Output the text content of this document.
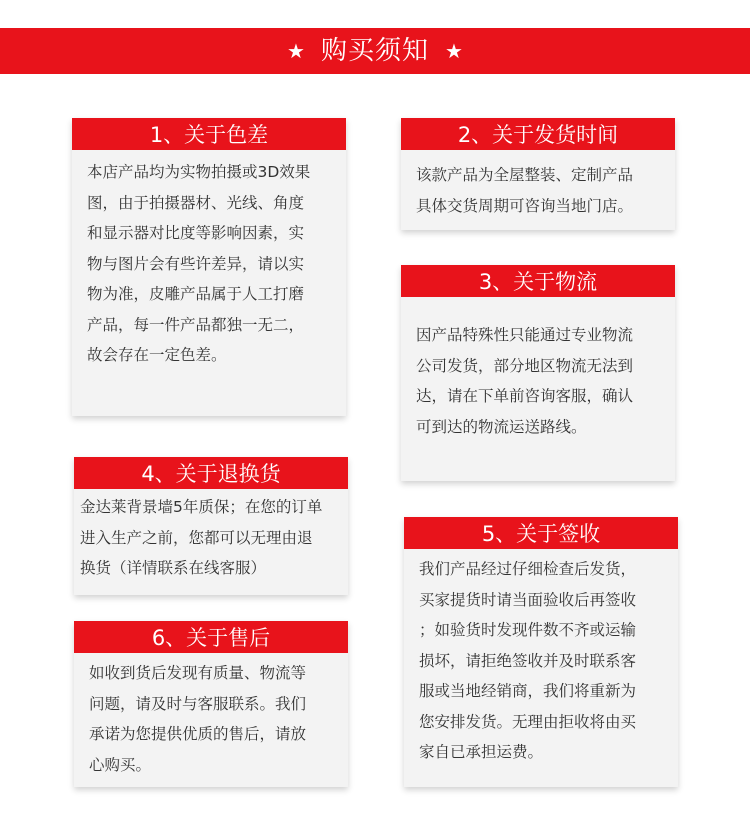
★ 购买须知 ★
1、关于色差
本店产品均为实物拍摄或3D效果
图，由于拍摄器材、光线、角度
和显示器对比度等影响因素，实
物与图片会有些许差异，请以实
物为准，皮雕产品属于人工打磨
产品，每一件产品都独一无二，
故会存在一定色差。
2、关于发货时间
该款产品为全屋整装、定制产品
具体交货周期可咨询当地门店。
3、关于物流
因产品特殊性只能通过专业物流
公司发货，部分地区物流无法到
达，请在下单前咨询客服，确认
可到达的物流运送路线。
4、关于退换货
金达莱背景墙5年质保；在您的订单
进入生产之前，您都可以无理由退
换货（详情联系在线客服）
5、关于签收
我们产品经过仔细检查后发货，
买家提货时请当面验收后再签收
；如验货时发现件数不齐或运输
损坏，请拒绝签收并及时联系客
服或当地经销商，我们将重新为
您安排发货。无理由拒收将由买
家自已承担运费。
6、关于售后
如收到货后发现有质量、物流等
问题，请及时与客服联系。我们
承诺为您提供优质的售后，请放
心购买。
